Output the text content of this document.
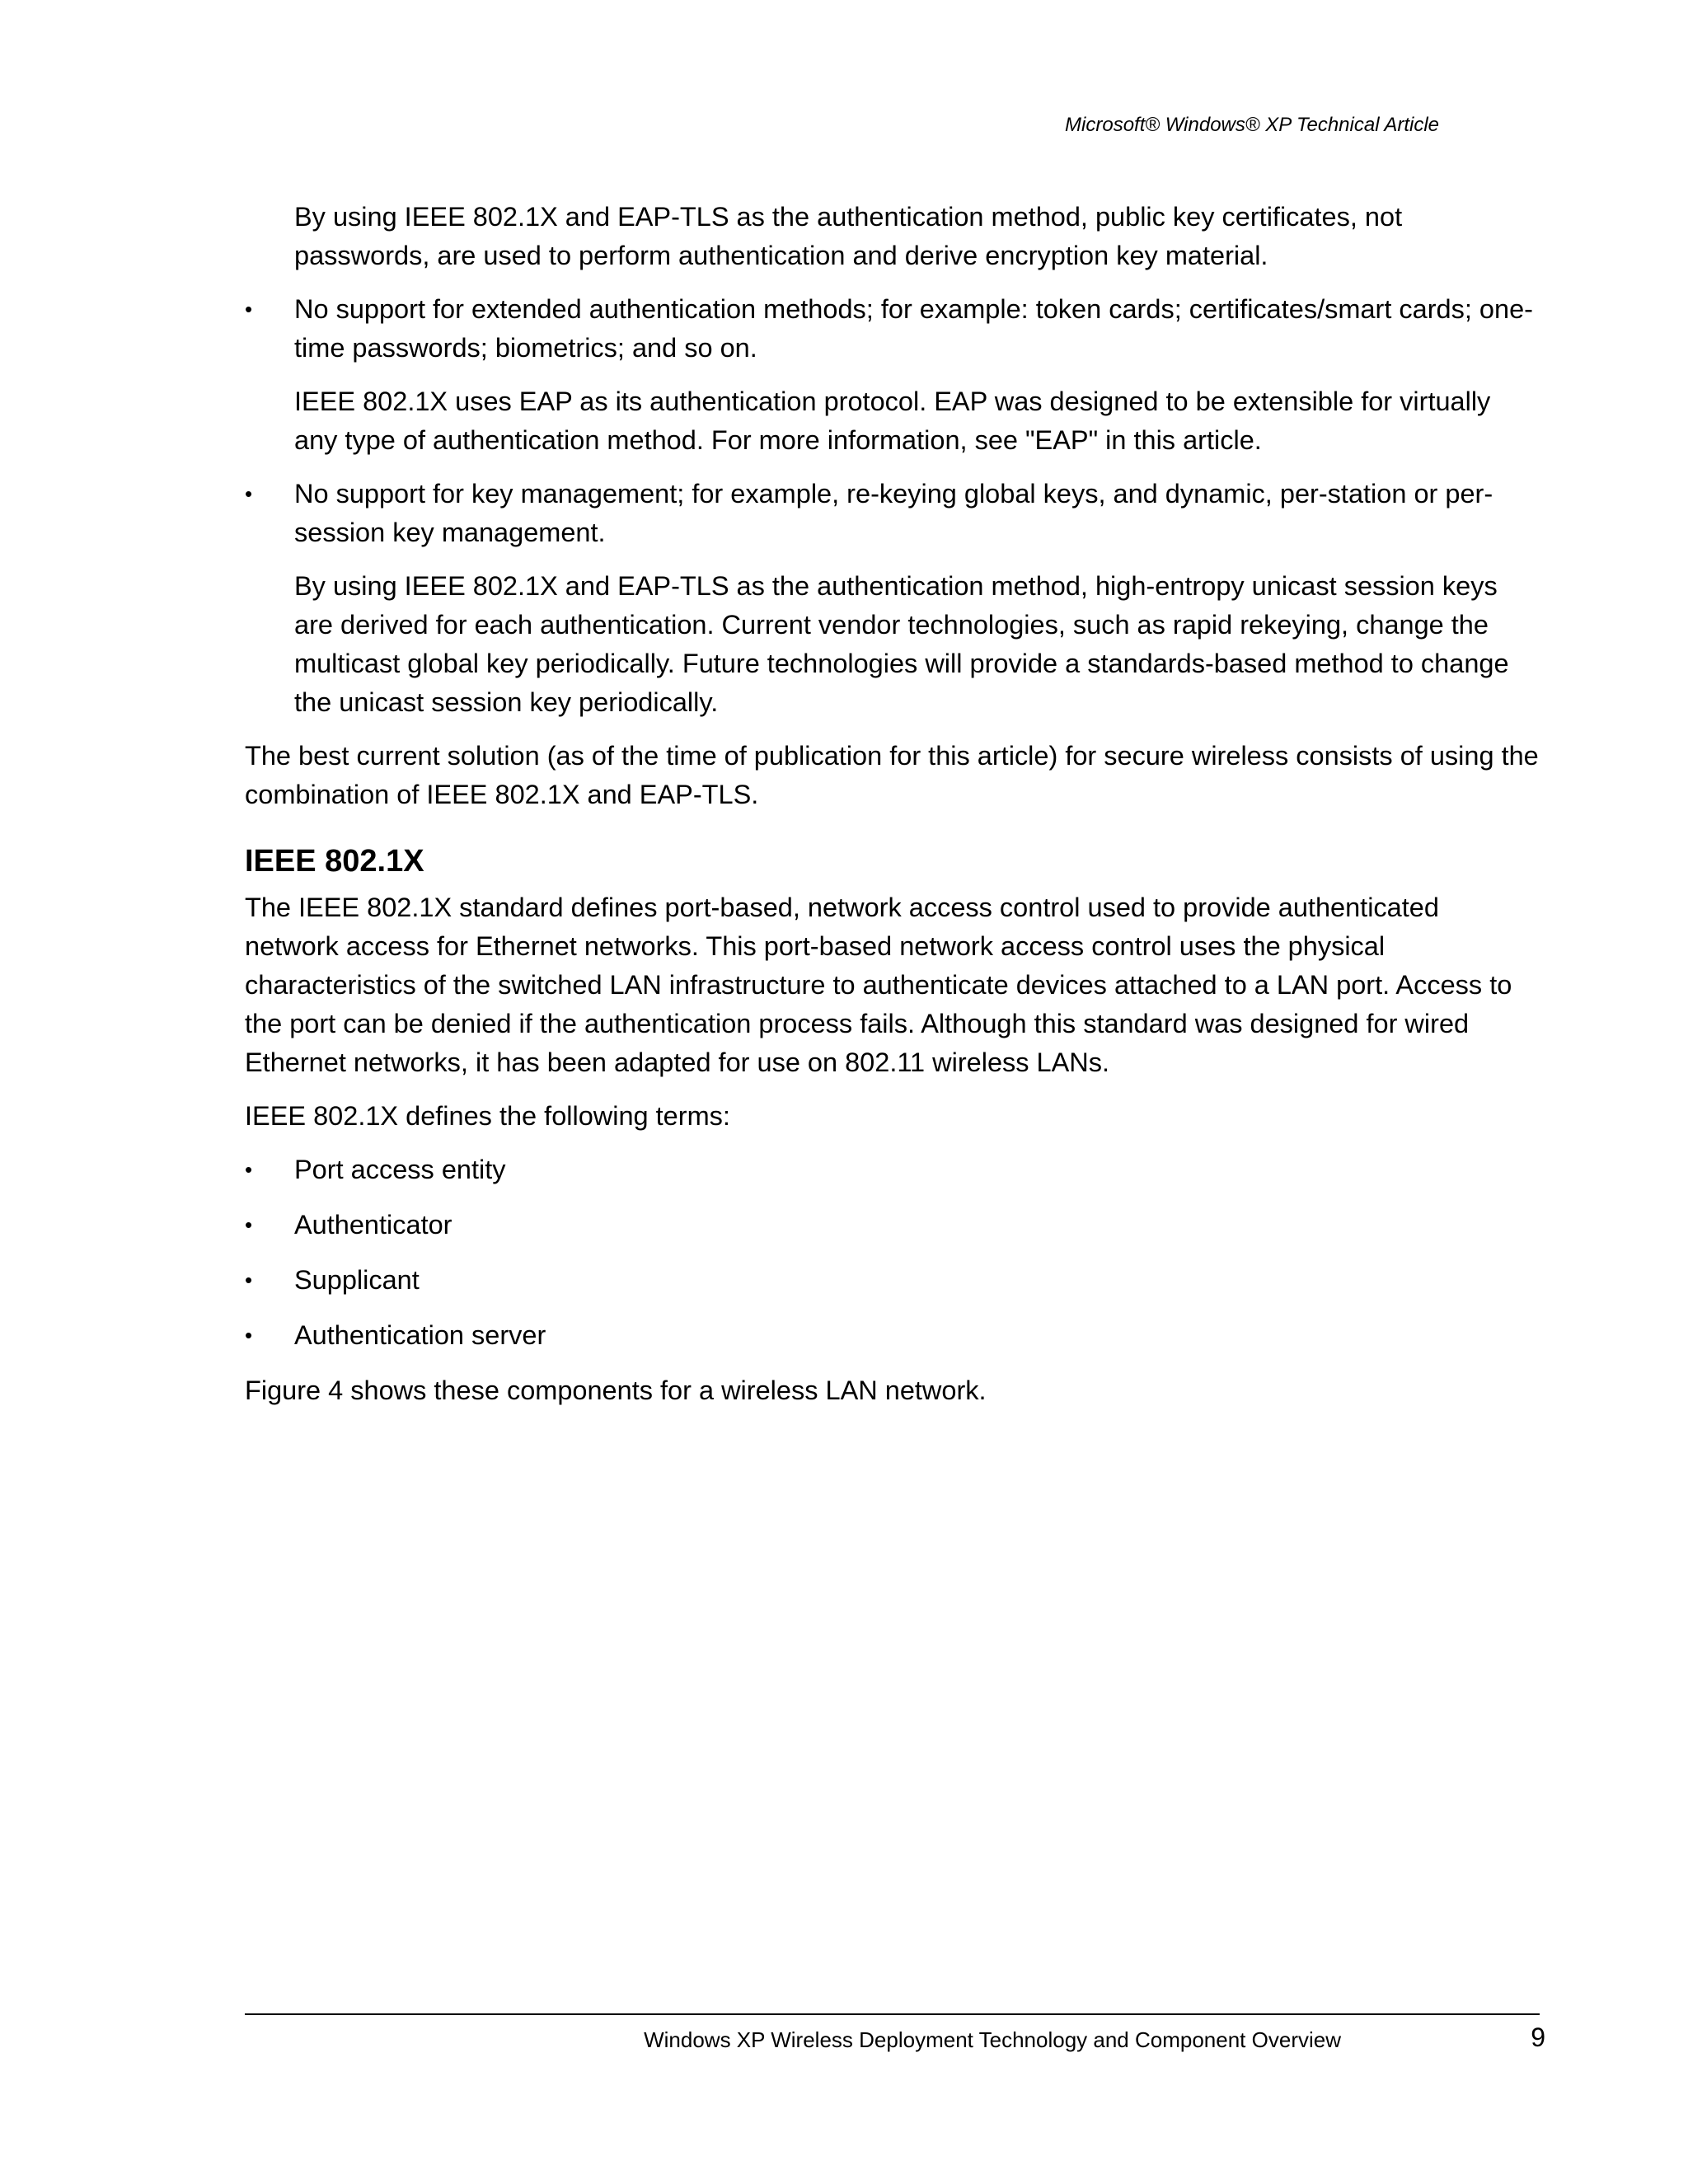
Microsoft® Windows® XP Technical Article

By using IEEE 802.1X and EAP-TLS as the authentication method, public key certificates, not passwords, are used to perform authentication and derive encryption key material.

•	No support for extended authentication methods; for example: token cards; certificates/smart cards; one-time passwords; biometrics; and so on.

IEEE 802.1X uses EAP as its authentication protocol. EAP was designed to be extensible for virtually any type of authentication method. For more information, see "EAP" in this article.

•	No support for key management; for example, re-keying global keys, and dynamic, per-station or per-session key management.

By using IEEE 802.1X and EAP-TLS as the authentication method, high-entropy unicast session keys are derived for each authentication. Current vendor technologies, such as rapid rekeying, change the multicast global key periodically. Future technologies will provide a standards-based method to change the unicast session key periodically.

The best current solution (as of the time of publication for this article) for secure wireless consists of using the combination of IEEE 802.1X and EAP-TLS.

IEEE 802.1X

The IEEE 802.1X standard defines port-based, network access control used to provide authenticated network access for Ethernet networks. This port-based network access control uses the physical characteristics of the switched LAN infrastructure to authenticate devices attached to a LAN port. Access to the port can be denied if the authentication process fails. Although this standard was designed for wired Ethernet networks, it has been adapted for use on 802.11 wireless LANs.

IEEE 802.1X defines the following terms:

•	Port access entity
•	Authenticator
•	Supplicant
•	Authentication server

Figure 4 shows these components for a wireless LAN network.

Windows XP Wireless Deployment Technology and Component Overview	9
